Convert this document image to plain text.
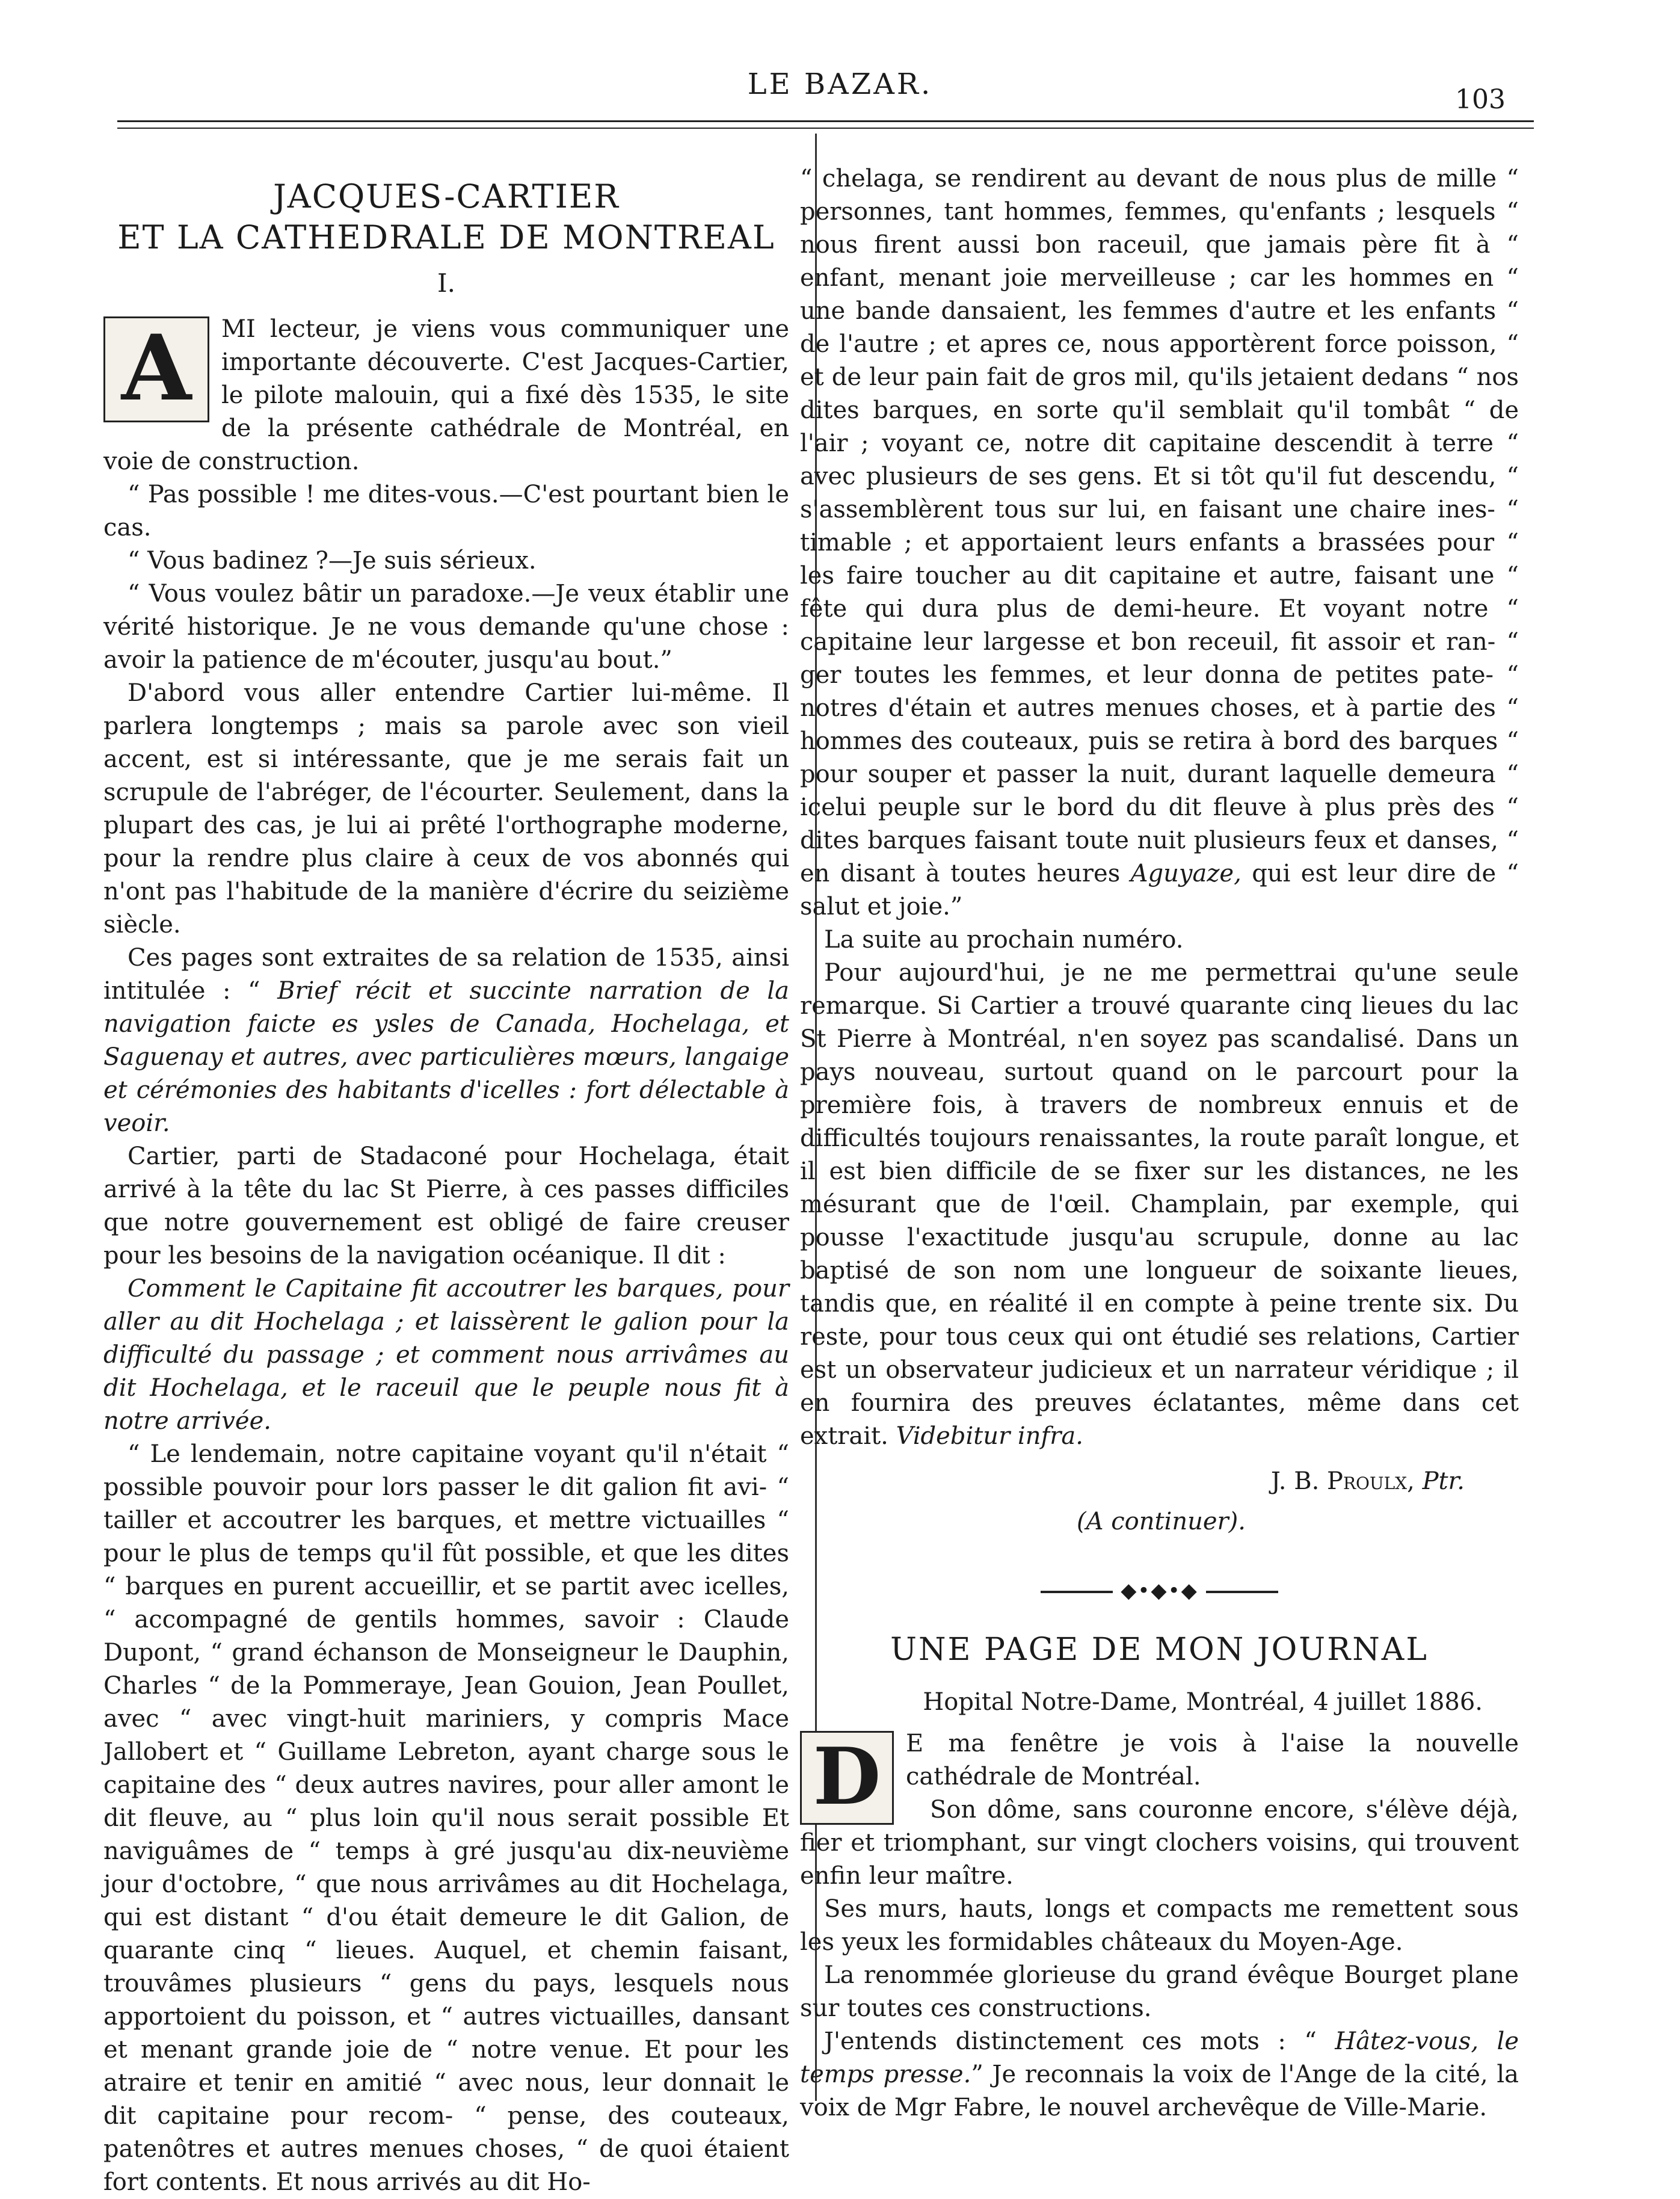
LE BAZAR.	103
JACQUES-CARTIER
ET LA CATHEDRALE DE MONTREAL
I.

A	MI lecteur, je viens vous communiquer une importante découverte. C'est Jacques-Cartier, le pilote malouin, qui a fixé dès 1535, le site de la présente cathédrale de Montréal, en voie de construction.

“ Pas possible ! me dites-vous.—C'est pourtant bien le cas.

“ Vous badinez ?—Je suis sérieux.

“ Vous voulez bâtir un paradoxe.—Je veux établir une vérité historique. Je ne vous demande qu'une chose : avoir la patience de m'écouter, jusqu'au bout.”

D'abord vous aller entendre Cartier lui-même. Il parlera longtemps ; mais sa parole avec son vieil accent, est si intéressante, que je me serais fait un scrupule de l'abréger, de l'écourter. Seulement, dans la plupart des cas, je lui ai prêté l'orthographe moderne, pour la rendre plus claire à ceux de vos abonnés qui n'ont pas l'habitude de la manière d'écrire du seizième siècle.

Ces pages sont extraites de sa relation de 1535, ainsi intitulée : “ Brief récit et succinte narration de la navigation faicte es ysles de Canada, Hochelaga, et Saguenay et autres, avec particulières mœurs, langaige et cérémonies des habitants d'icelles : fort délectable à veoir.

Cartier, parti de Stadaconé pour Hochelaga, était arrivé à la tête du lac St Pierre, à ces passes difficiles que notre gouvernement est obligé de faire creuser pour les besoins de la navigation océanique. Il dit :

Comment le Capitaine fit accoutrer les barques, pour aller au dit Hochelaga ; et laissèrent le galion pour la difficulté du passage ; et comment nous arrivâmes au dit Hochelaga, et le raceuil que le peuple nous fit à notre arrivée.

“ Le lendemain, notre capitaine voyant qu'il n'était “ possible pouvoir pour lors passer le dit galion fit avi- “ tailler et accoutrer les barques, et mettre victuailles “ pour le plus de temps qu'il fût possible, et que les dites “ barques en purent accueillir, et se partit avec icelles, “ accompagné de gentils hommes, savoir : Claude Dupont, “ grand échanson de Monseigneur le Dauphin, Charles “ de la Pommeraye, Jean Gouion, Jean Poullet, avec “ avec vingt-huit mariniers, y compris Mace Jallobert et “ Guillame Lebreton, ayant charge sous le capitaine des “ deux autres navires, pour aller amont le dit fleuve, au “ plus loin qu'il nous serait possible Et naviguâmes de “ temps à gré jusqu'au dix-neuvième jour d'octobre, “ que nous arrivâmes au dit Hochelaga, qui est distant “ d'ou était demeure le dit Galion, de quarante cinq “ lieues. Auquel, et chemin faisant, trouvâmes plusieurs “ gens du pays, lesquels nous apportoient du poisson, et “ autres victuailles, dansant et menant grande joie de “ notre venue. Et pour les atraire et tenir en amitié “ avec nous, leur donnait le dit capitaine pour recom- “ pense, des couteaux, patenôtres et autres menues choses, “ de quoi étaient fort contents. Et nous arrivés au dit Ho-

“ chelaga, se rendirent au devant de nous plus de mille “ personnes, tant hommes, femmes, qu'enfants ; lesquels “ nous firent aussi bon raceuil, que jamais père fit à “ enfant, menant joie merveilleuse ; car les hommes en “ une bande dansaient, les femmes d'autre et les enfants “ de l'autre ; et apres ce, nous apportèrent force poisson, “ et de leur pain fait de gros mil, qu'ils jetaient dedans “ nos dites barques, en sorte qu'il semblait qu'il tombât “ de l'air ; voyant ce, notre dit capitaine descendit à terre “ avec plusieurs de ses gens. Et si tôt qu'il fut descendu, “ s'assemblèrent tous sur lui, en faisant une chaire ines- “ timable ; et apportaient leurs enfants a brassées pour “ les faire toucher au dit capitaine et autre, faisant une “ fête qui dura plus de demi-heure. Et voyant notre “ capitaine leur largesse et bon receuil, fit assoir et ran- “ ger toutes les femmes, et leur donna de petites pate- “ notres d'étain et autres menues choses, et à partie des “ hommes des couteaux, puis se retira à bord des barques “ pour souper et passer la nuit, durant laquelle demeura “ icelui peuple sur le bord du dit fleuve à plus près des “ dites barques faisant toute nuit plusieurs feux et danses, “ en disant à toutes heures Aguyaze, qui est leur dire de “ salut et joie.”

La suite au prochain numéro.

Pour aujourd'hui, je ne me permettrai qu'une seule remarque. Si Cartier a trouvé quarante cinq lieues du lac St Pierre à Montréal, n'en soyez pas scandalisé. Dans un pays nouveau, surtout quand on le parcourt pour la première fois, à travers de nombreux ennuis et de difficultés toujours renaissantes, la route paraît longue, et il est bien difficile de se fixer sur les distances, ne les mésurant que de l'œil. Champlain, par exemple, qui pousse l'exactitude jusqu'au scrupule, donne au lac baptisé de son nom une longueur de soixante lieues, tandis que, en réalité il en compte à peine trente six. Du reste, pour tous ceux qui ont étudié ses relations, Cartier est un observateur judicieux et un narrateur véridique ; il en fournira des preuves éclatantes, même dans cet extrait. Videbitur infra.

J. B. Proulx, Ptr.
(A continuer).
◆•◆•◆
UNE PAGE DE MON JOURNAL
Hopital Notre-Dame, Montréal, 4 juillet 1886.

D	E ma fenêtre je vois à l'aise la nouvelle cathédrale de Montréal.

Son dôme, sans couronne encore, s'élève déjà, fier et triomphant, sur vingt clochers voisins, qui trouvent enfin leur maître.

Ses murs, hauts, longs et compacts me remettent sous les yeux les formidables châteaux du Moyen-Age.

La renommée glorieuse du grand évêque Bourget plane sur toutes ces constructions.

J'entends distinctement ces mots : “ Hâtez-vous, le temps presse.” Je reconnais la voix de l'Ange de la cité, la voix de Mgr Fabre, le nouvel archevêque de Ville-Marie.
